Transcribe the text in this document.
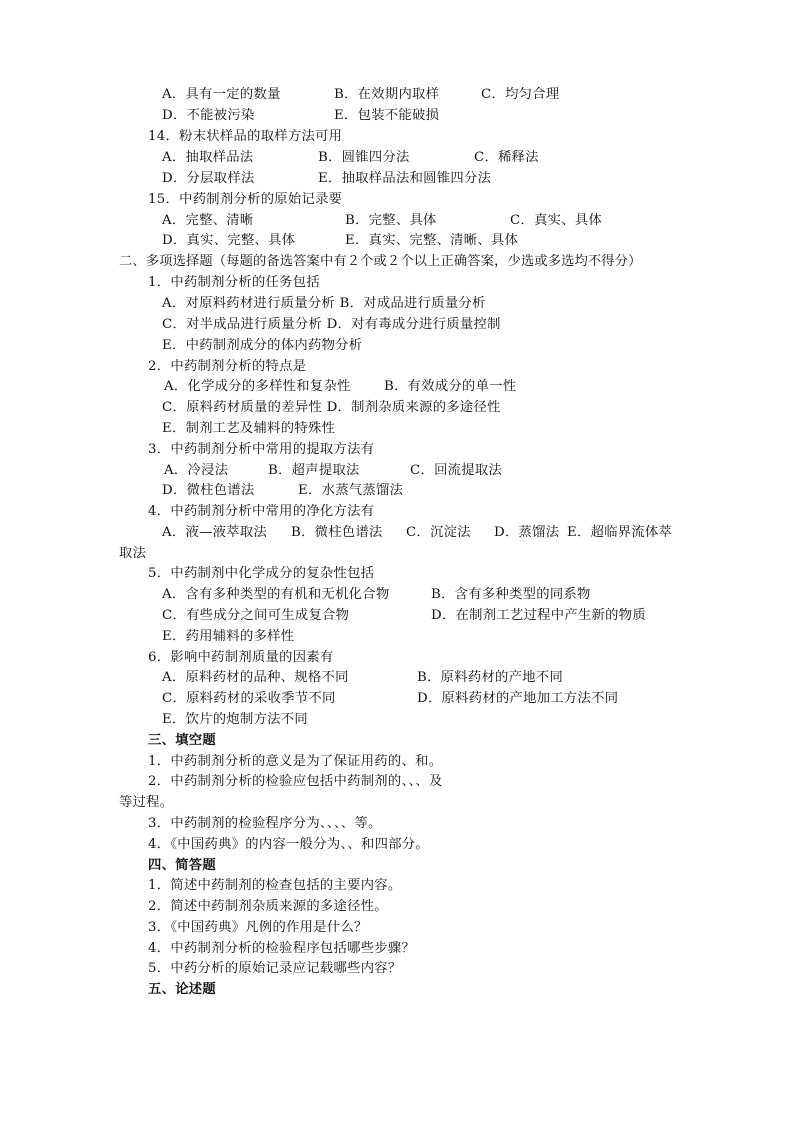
A．具有一定的数量	B．在效期内取样	C．均匀合理
D．不能被污染	E．包装不能破损
14．粉末状样品的取样方法可用
A．抽取样品法	B．圆锥四分法	C．稀释法
D．分层取样法	E．抽取样品法和圆锥四分法
15．中药制剂分析的原始记录要
A．完整、清晰	B．完整、具体	C．真实、具体
D．真实、完整、具体	E．真实、完整、清晰、具体
二、多项选择题（每题的备选答案中有２个或２个以上正确答案，少选或多选均不得分）
1．中药制剂分析的任务包括
A．对原料药材进行质量分析 B．对成品进行质量分析
C．对半成品进行质量分析 D．对有毒成分进行质量控制
E．中药制剂成分的体内药物分析
2．中药制剂分析的特点是
A．化学成分的多样性和复杂性	B．有效成分的单一性
C．原料药材质量的差异性 D．制剂杂质来源的多途径性
E．制剂工艺及辅料的特殊性
3．中药制剂分析中常用的提取方法有
A．冷浸法	B．超声提取法	C．回流提取法
D．微柱色谱法	E．水蒸气蒸馏法
4．中药制剂分析中常用的净化方法有
A．液—液萃取法 B．微柱色谱法 C．沉淀法 D．蒸馏法 E．超临界流体萃
取法
5．中药制剂中化学成分的复杂性包括
A．含有多种类型的有机和无机化合物	B．含有多种类型的同系物
C．有些成分之间可生成复合物	D．在制剂工艺过程中产生新的物质
E．药用辅料的多样性
6．影响中药制剂质量的因素有
A．原料药材的品种、规格不同	B．原料药材的产地不同
C．原料药材的采收季节不同	D．原料药材的产地加工方法不同
E．饮片的炮制方法不同
三、填空题
1．中药制剂分析的意义是为了保证用药的、和。
2．中药制剂分析的检验应包括中药制剂的、、、及
等过程。
3．中药制剂的检验程序分为、、、、等。
4．《中国药典》的内容一般分为、、和四部分。
四、简答题
1．简述中药制剂的检查包括的主要内容。
2．简述中药制剂杂质来源的多途径性。
3．《中国药典》凡例的作用是什么？
4．中药制剂分析的检验程序包括哪些步骤？
5．中药分析的原始记录应记载哪些内容？
五、论述题
